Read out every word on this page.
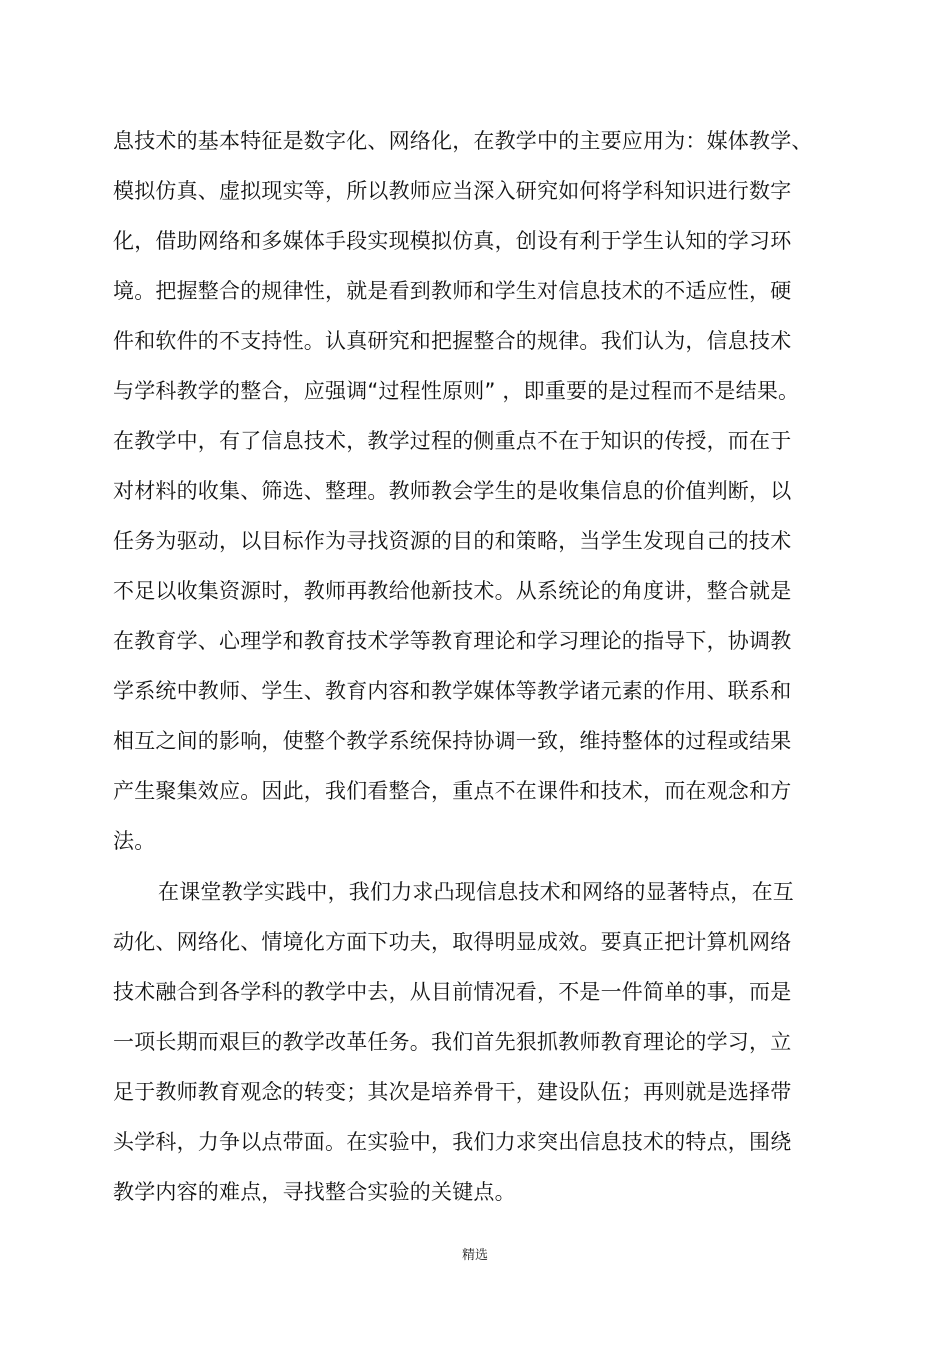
息技术的基本特征是数字化、网络化，在教学中的主要应用为：媒体教学、
模拟仿真、虚拟现实等，所以教师应当深入研究如何将学科知识进行数字
化，借助网络和多媒体手段实现模拟仿真，创设有利于学生认知的学习环
境。把握整合的规律性，就是看到教师和学生对信息技术的不适应性，硬
件和软件的不支持性。认真研究和把握整合的规律。我们认为，信息技术
与学科教学的整合，应强调“过程性原则” ，即重要的是过程而不是结果。
在教学中，有了信息技术，教学过程的侧重点不在于知识的传授，而在于
对材料的收集、筛选、整理。教师教会学生的是收集信息的价值判断，以
任务为驱动，以目标作为寻找资源的目的和策略，当学生发现自己的技术
不足以收集资源时，教师再教给他新技术。从系统论的角度讲，整合就是
在教育学、心理学和教育技术学等教育理论和学习理论的指导下，协调教
学系统中教师、学生、教育内容和教学媒体等教学诸元素的作用、联系和
相互之间的影响，使整个教学系统保持协调一致，维持整体的过程或结果
产生聚集效应。因此，我们看整合，重点不在课件和技术，而在观念和方
法。
在课堂教学实践中，我们力求凸现信息技术和网络的显著特点，在互
动化、网络化、情境化方面下功夫，取得明显成效。要真正把计算机网络
技术融合到各学科的教学中去，从目前情况看，不是一件简单的事，而是
一项长期而艰巨的教学改革任务。我们首先狠抓教师教育理论的学习，立
足于教师教育观念的转变；其次是培养骨干，建设队伍；再则就是选择带
头学科，力争以点带面。在实验中，我们力求突出信息技术的特点，围绕
教学内容的难点，寻找整合实验的关键点。
精选
